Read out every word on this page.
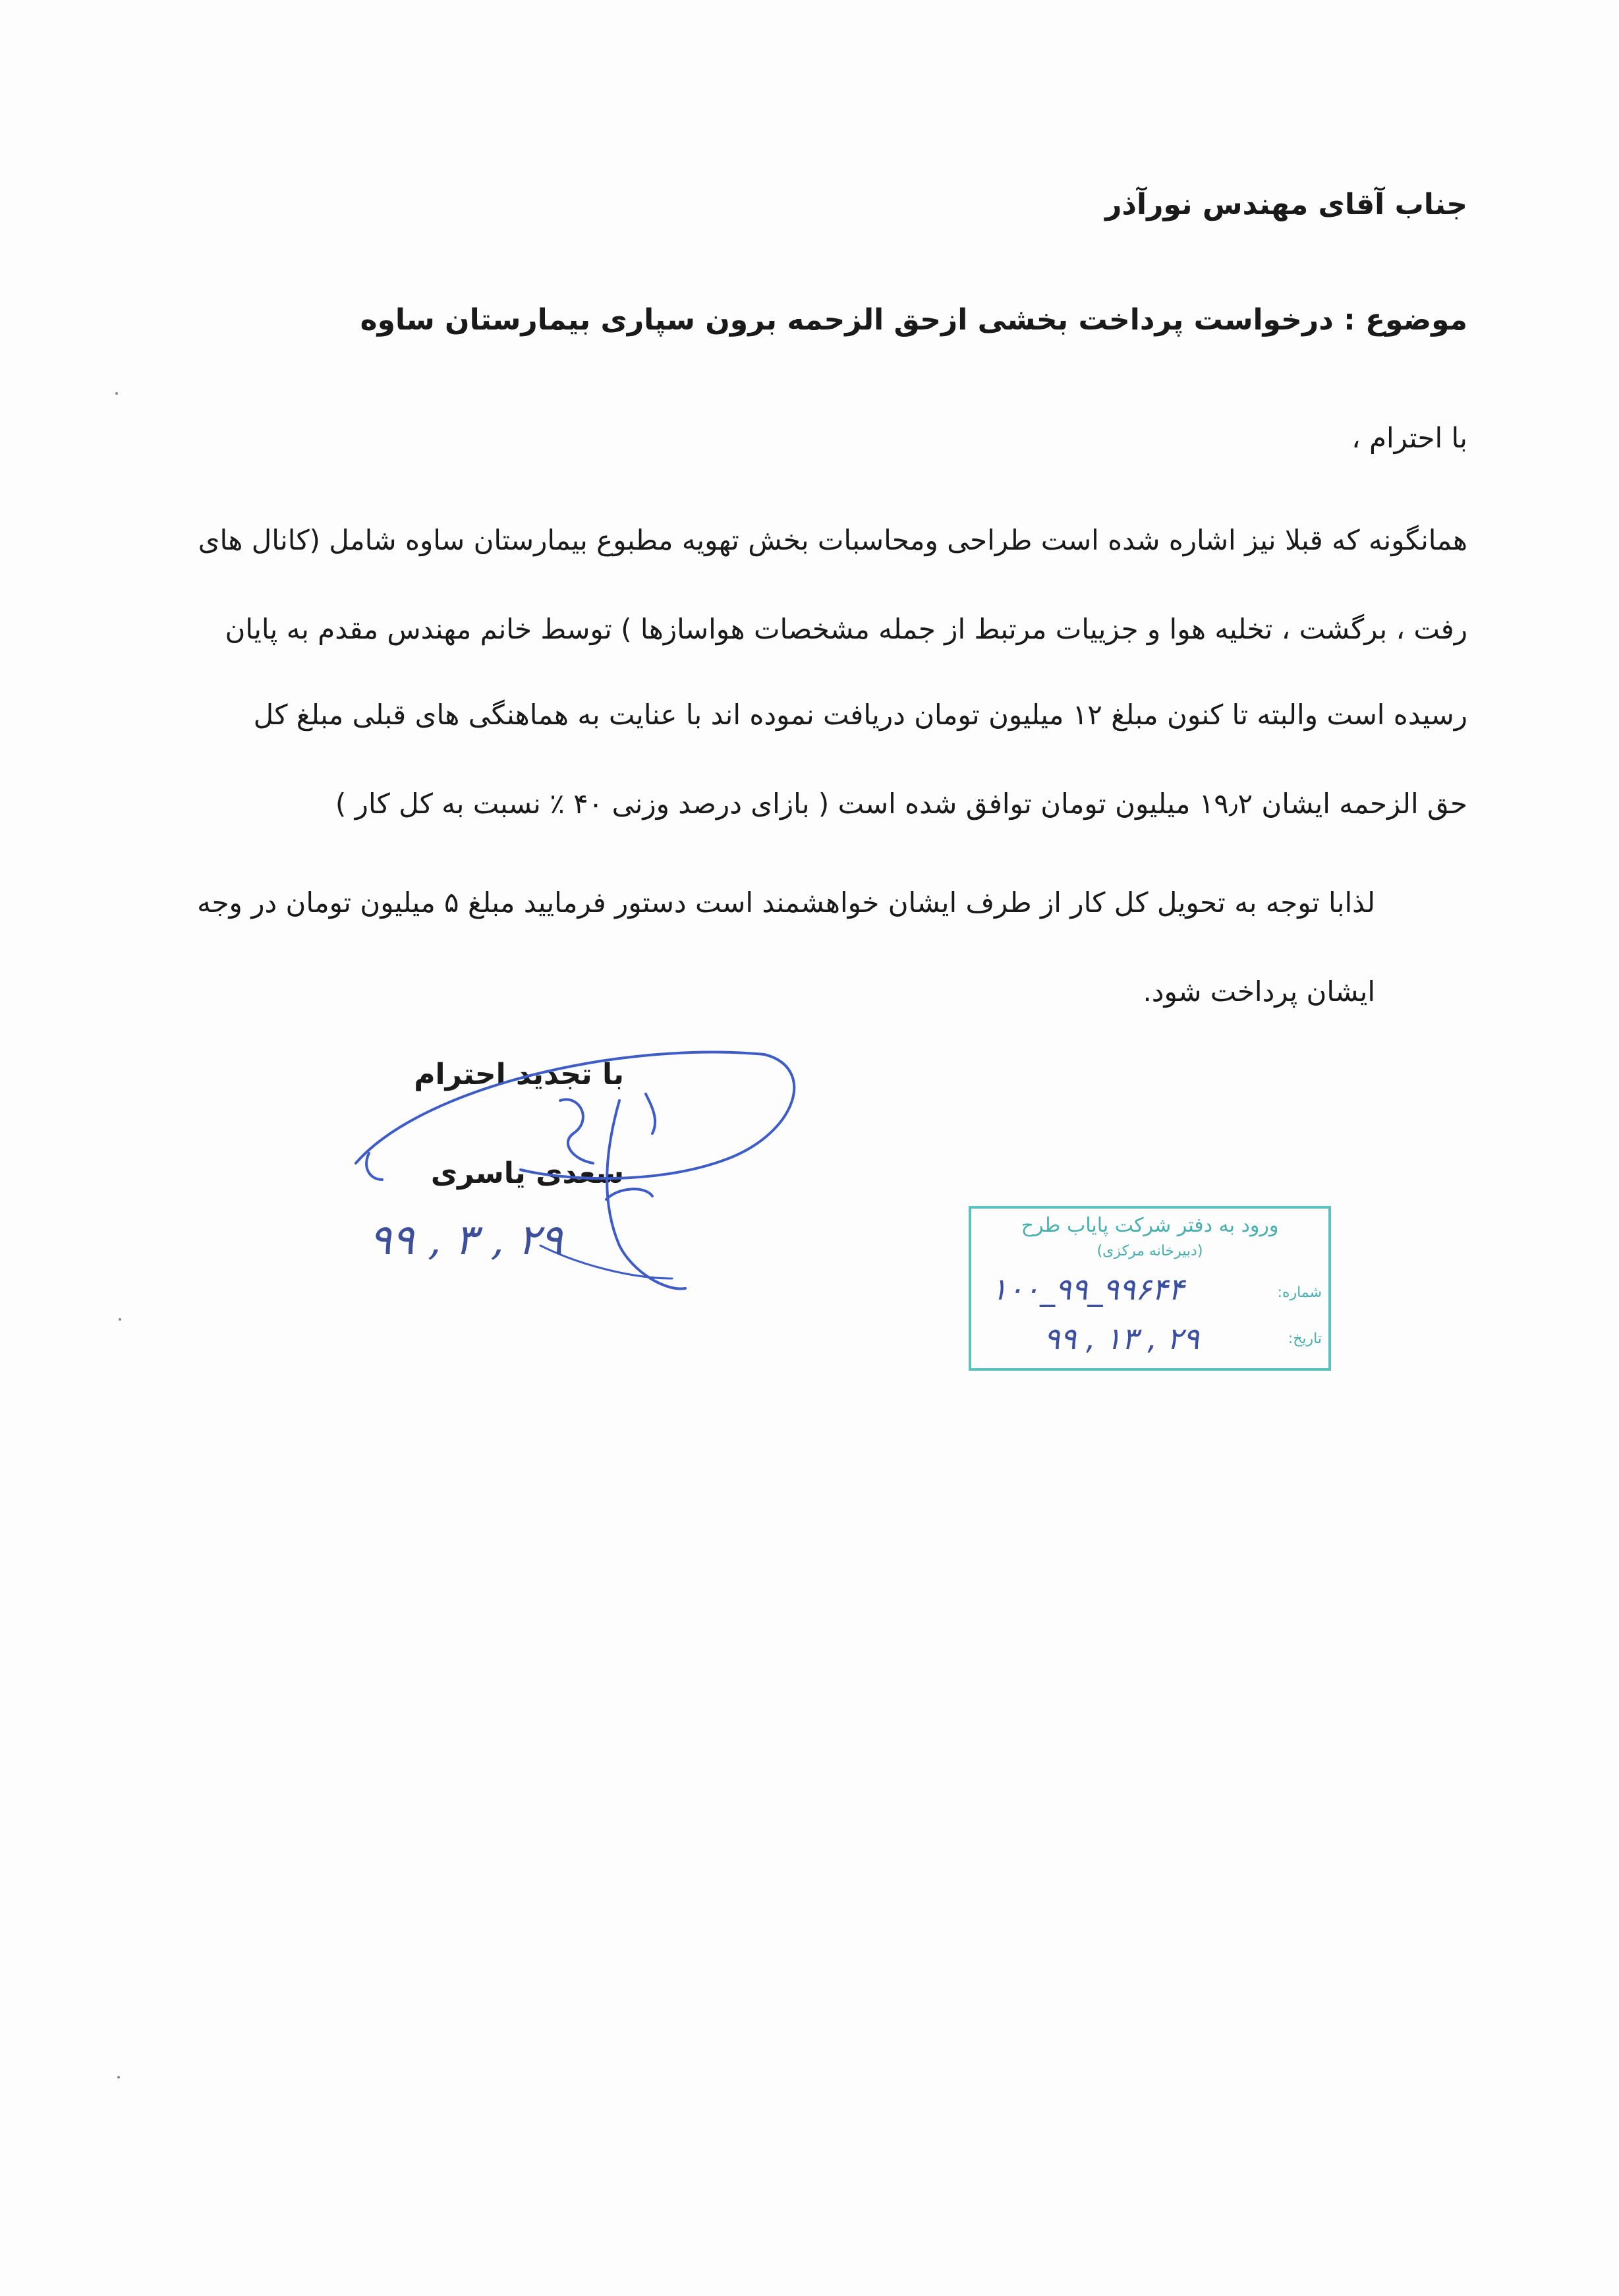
جناب آقای مهندس نورآذر
موضوع : درخواست پرداخت بخشی ازحق الزحمه برون سپاری بیمارستان ساوه
با احترام ،
همانگونه که قبلا نیز اشاره شده است طراحی ومحاسبات بخش تهویه مطبوع بیمارستان ساوه شامل (کانال های
رفت ، برگشت ، تخلیه هوا و جزییات مرتبط از جمله مشخصات هواسازها ) توسط خانم مهندس مقدم به پایان
رسیده است والبته تا کنون مبلغ ۱۲ میلیون تومان دریافت نموده اند با عنایت به هماهنگی های قبلی مبلغ کل
حق الزحمه ایشان ۱۹٫۲ میلیون تومان توافق شده است ( بازای درصد وزنی ۴۰ ٪ نسبت به کل کار )
لذابا توجه به تحویل کل کار از طرف ایشان خواهشمند است دستور فرمایید مبلغ ۵ میلیون تومان در وجه
ایشان پرداخت شود.
با تجدید احترام
سعدی یاسری
۹۹ , ۳ , ۲۹	ورود به دفتر شرکت پایاب طرح
(دبیرخانه مرکزی)
شماره:
۱۰۰_۹۹_۹۹۶۴۴
تاریخ:
۹۹ , ۱۳ , ۲۹
